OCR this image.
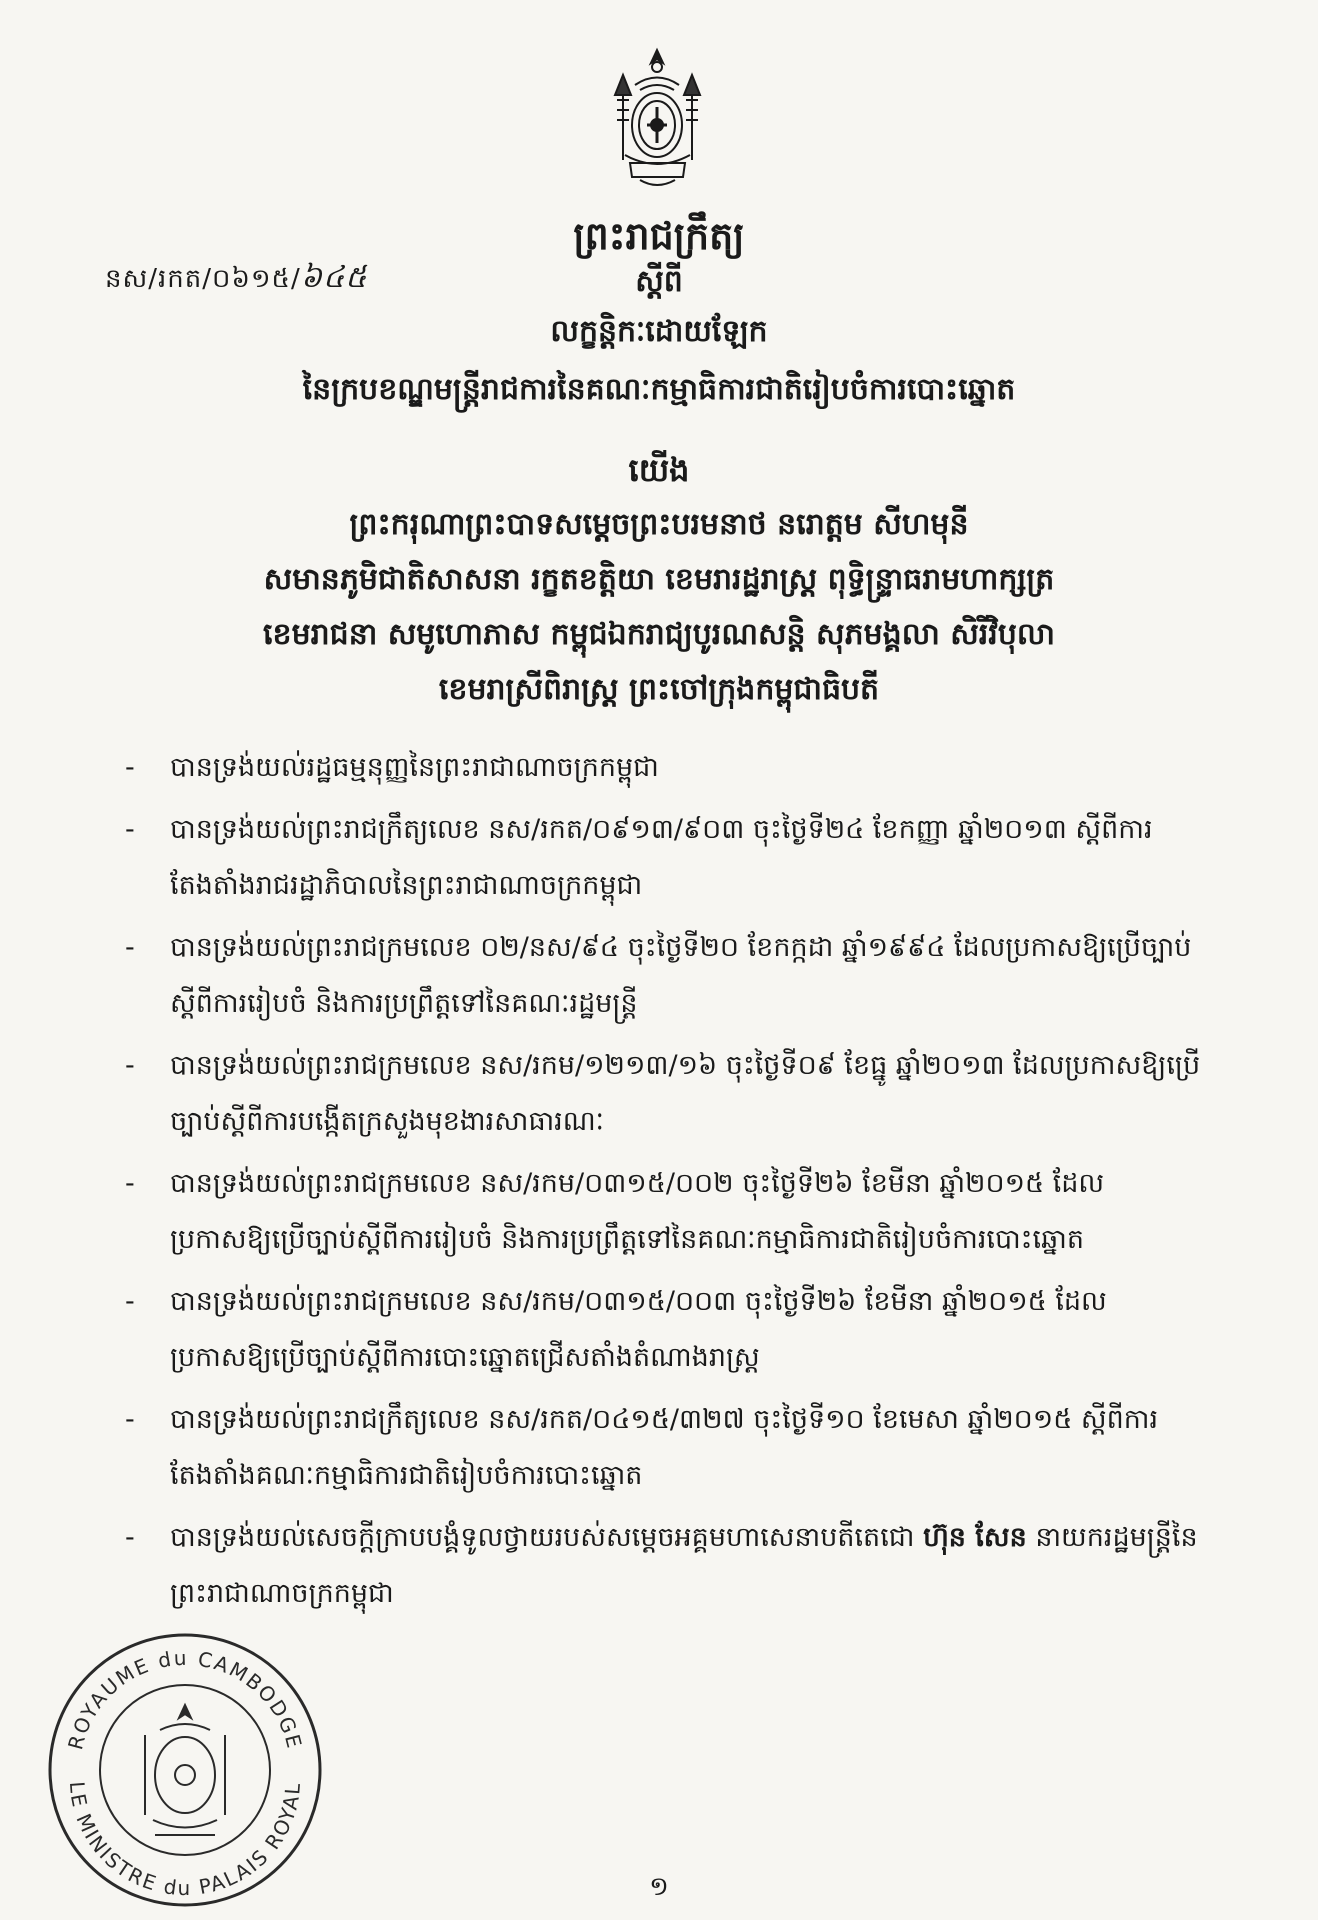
ព្រះរាជក្រឹត្យ
នស/រកត/០៦១៥/៦៤៥	ស្តីពី
លក្ខន្តិកៈដោយឡែក
នៃក្របខណ្ឌមន្ត្រីរាជការនៃគណៈកម្មាធិការជាតិរៀបចំការបោះឆ្នោត
យើង
ព្រះករុណាព្រះបាទសម្តេចព្រះបរមនាថ នរោត្តម សីហមុនី
សមានភូមិជាតិសាសនា រក្ខតខត្តិយា ខេមរារដ្ឋរាស្ត្រ ពុទ្ធិន្ទ្រាធរាមហាក្សត្រ
ខេមរាជនា សមូហោភាស កម្ពុជឯករាជ្យបូរណសន្តិ សុភមង្គលា សិរីវិបុលា
ខេមរាស្រីពិរាស្ត្រ ព្រះចៅក្រុងកម្ពុជាធិបតី
- បានទ្រង់យល់រដ្ឋធម្មនុញ្ញនៃព្រះរាជាណាចក្រកម្ពុជា
- បានទ្រង់យល់ព្រះរាជក្រឹត្យលេខ នស/រកត/០៩១៣/៩០៣ ចុះថ្ងៃទី២៤ ខែកញ្ញា ឆ្នាំ២០១៣ ស្តីពីការតែងតាំងរាជរដ្ឋាភិបាលនៃព្រះរាជាណាចក្រកម្ពុជា
- បានទ្រង់យល់ព្រះរាជក្រមលេខ ០២/នស/៩៤ ចុះថ្ងៃទី២០ ខែកក្កដា ឆ្នាំ១៩៩៤ ដែលប្រកាសឱ្យប្រើច្បាប់ស្តីពីការរៀបចំ និងការប្រព្រឹត្តទៅនៃគណៈរដ្ឋមន្ត្រី
- បានទ្រង់យល់ព្រះរាជក្រមលេខ នស/រកម/១២១៣/១៦ ចុះថ្ងៃទី០៩ ខែធ្នូ ឆ្នាំ២០១៣ ដែលប្រកាសឱ្យប្រើច្បាប់ស្តីពីការបង្កើតក្រសួងមុខងារសាធារណៈ
- បានទ្រង់យល់ព្រះរាជក្រមលេខ នស/រកម/០៣១៥/០០២ ចុះថ្ងៃទី២៦ ខែមីនា ឆ្នាំ២០១៥ ដែលប្រកាសឱ្យប្រើច្បាប់ស្តីពីការរៀបចំ និងការប្រព្រឹត្តទៅនៃគណៈកម្មាធិការជាតិរៀបចំការបោះឆ្នោត
- បានទ្រង់យល់ព្រះរាជក្រមលេខ នស/រកម/០៣១៥/០០៣ ចុះថ្ងៃទី២៦ ខែមីនា ឆ្នាំ២០១៥ ដែលប្រកាសឱ្យប្រើច្បាប់ស្តីពីការបោះឆ្នោតជ្រើសតាំងតំណាងរាស្ត្រ
- បានទ្រង់យល់ព្រះរាជក្រឹត្យលេខ នស/រកត/០៤១៥/៣២៧ ចុះថ្ងៃទី១០ ខែមេសា ឆ្នាំ២០១៥ ស្តីពីការតែងតាំងគណៈកម្មាធិការជាតិរៀបចំការបោះឆ្នោត
- បានទ្រង់យល់សេចក្តីក្រាបបង្គំទូលថ្វាយរបស់សម្តេចអគ្គមហាសេនាបតីតេជោ ហ៊ុន សែន នាយករដ្ឋមន្ត្រីនៃព្រះរាជាណាចក្រកម្ពុជា
ROYAUME du CAMBODGE
LE MINISTRE du PALAIS ROYAL
១
